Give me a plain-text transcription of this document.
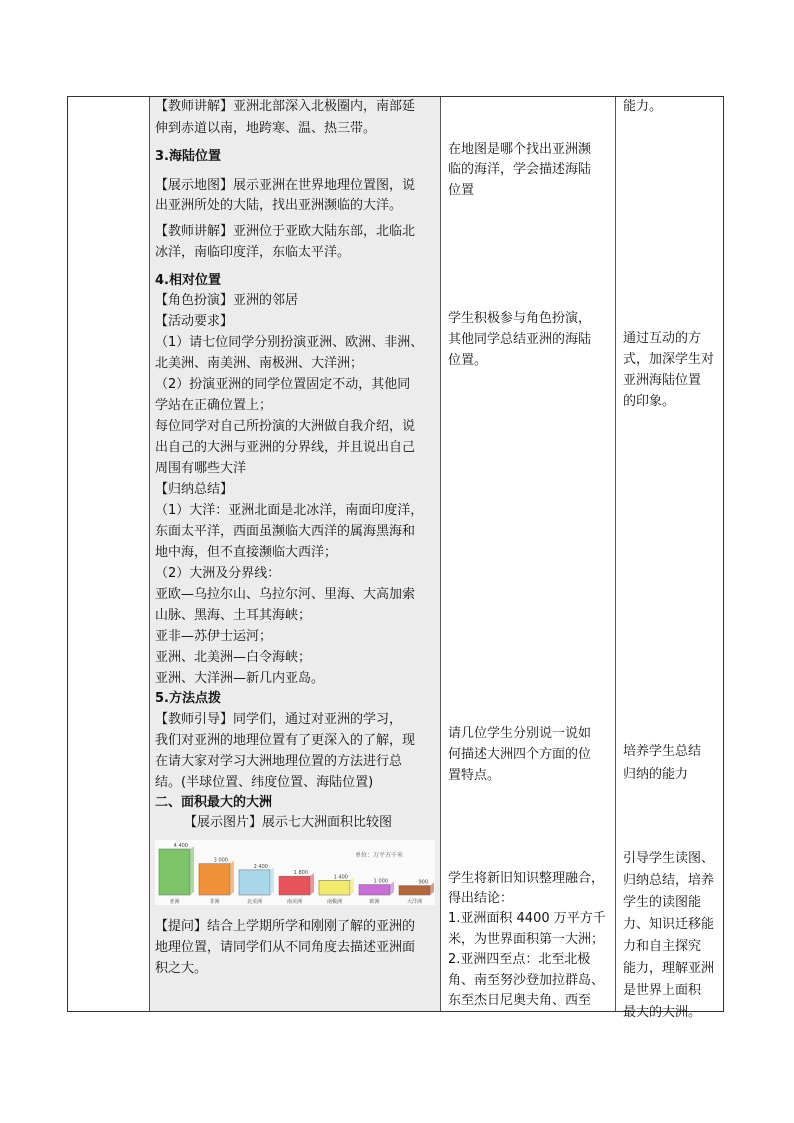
【教师讲解】亚洲北部深入北极圈内，南部延
伸到赤道以南，地跨寒、温、热三带。
3.海陆位置
【展示地图】展示亚洲在世界地理位置图，说
出亚洲所处的大陆，找出亚洲濒临的大洋。
【教师讲解】亚洲位于亚欧大陆东部，北临北
冰洋，南临印度洋，东临太平洋。
4.相对位置
【角色扮演】亚洲的邻居
【活动要求】
（1）请七位同学分别扮演亚洲、欧洲、非洲、
北美洲、南美洲、南极洲、大洋洲；
（2）扮演亚洲的同学位置固定不动，其他同
学站在正确位置上；
每位同学对自己所扮演的大洲做自我介绍，说
出自己的大洲与亚洲的分界线，并且说出自己
周围有哪些大洋
【归纳总结】
（1）大洋：亚洲北面是北冰洋，南面印度洋，
东面太平洋，西面虽濒临大西洋的属海黑海和
地中海，但不直接濒临大西洋；
（2）大洲及分界线：
亚欧—乌拉尔山、乌拉尔河、里海、大高加索
山脉、黑海、土耳其海峡；
亚非—苏伊士运河；
亚洲、北美洲—白令海峡；
亚洲、大洋洲—新几内亚岛。
5.方法点拨
【教师引导】同学们，通过对亚洲的学习，
我们对亚洲的地理位置有了更深入的了解，现
在请大家对学习大洲地理位置的方法进行总
结。(半球位置、纬度位置、海陆位置)
二、面积最大的大洲
【展示图片】展示七大洲面积比较图
单位：万平方千米
4 400
亚洲
3 000
非洲
2 400
北美洲
1 800
南美洲
1 400
南极洲
1 000
欧洲
900
大洋洲
【提问】结合上学期所学和刚刚了解的亚洲的
地理位置，请同学们从不同角度去描述亚洲面
积之大。
在地图是哪个找出亚洲濒
临的海洋，学会描述海陆
位置
学生积极参与角色扮演，
其他同学总结亚洲的海陆
位置。
请几位学生分别说一说如
何描述大洲四个方面的位
置特点。
学生将新旧知识整理融合，
得出结论：
1.亚洲面积 4400 万平方千
米，为世界面积第一大洲；
2.亚洲四至点：北至北极
角、南至努沙登加拉群岛、
东至杰日尼奥夫角、西至
能力。
通过互动的方
式，加深学生对
亚洲海陆位置
的印象。
培养学生总结
归纳的能力
引导学生读图、
归纳总结，培养
学生的读图能
力、知识迁移能
力和自主探究
能力，理解亚洲
是世界上面积
最大的大洲。
